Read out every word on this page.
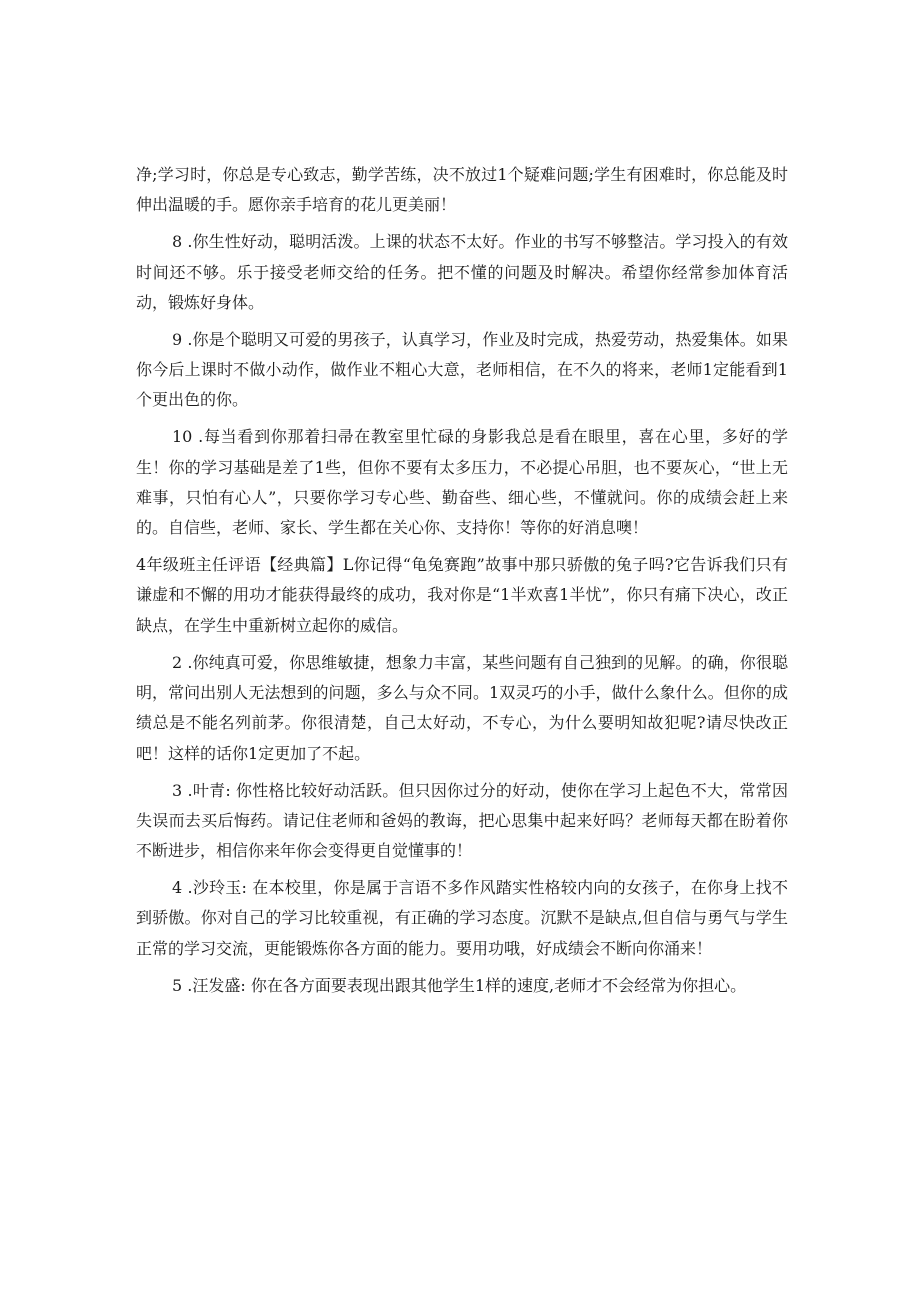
净;学习时，你总是专心致志，勤学苦练，决不放过1个疑难问题;学生有困难时，你总能及时伸出温暖的手。愿你亲手培育的花儿更美丽！

8 .你生性好动，聪明活泼。上课的状态不太好。作业的书写不够整洁。学习投入的有效时间还不够。乐于接受老师交给的任务。把不懂的问题及时解决。希望你经常参加体育活动，锻炼好身体。

9 .你是个聪明又可爱的男孩子，认真学习，作业及时完成，热爱劳动，热爱集体。如果你今后上课时不做小动作，做作业不粗心大意，老师相信，在不久的将来，老师1定能看到1个更出色的你。

10 .每当看到你那着扫帚在教室里忙碌的身影我总是看在眼里，喜在心里，多好的学生！你的学习基础是差了1些，但你不要有太多压力，不必提心吊胆，也不要灰心，“世上无难事，只怕有心人”，只要你学习专心些、勤奋些、细心些，不懂就问。你的成绩会赶上来的。自信些，老师、家长、学生都在关心你、支持你！等你的好消息噢！

4年级班主任评语【经典篇】L你记得“龟兔赛跑”故事中那只骄傲的兔子吗?它告诉我们只有谦虚和不懈的用功才能获得最终的成功，我对你是“1半欢喜1半忧”，你只有痛下决心，改正缺点，在学生中重新树立起你的威信。

2 .你纯真可爱，你思维敏捷，想象力丰富，某些问题有自己独到的见解。的确，你很聪明，常问出别人无法想到的问题，多么与众不同。1双灵巧的小手，做什么象什么。但你的成绩总是不能名列前茅。你很清楚，自己太好动，不专心，为什么要明知故犯呢?请尽快改正吧！这样的话你1定更加了不起。

3 .叶青: 你性格比较好动活跃。但只因你过分的好动，使你在学习上起色不大，常常因失误而去买后悔药。请记住老师和爸妈的教诲，把心思集中起来好吗？老师每天都在盼着你不断进步，相信你来年你会变得更自觉懂事的！

4 .沙玲玉: 在本校里，你是属于言语不多作风踏实性格较内向的女孩子，在你身上找不到骄傲。你对自己的学习比较重视，有正确的学习态度。沉默不是缺点,但自信与勇气与学生正常的学习交流，更能锻炼你各方面的能力。要用功哦，好成绩会不断向你涌来！

5 .汪发盛: 你在各方面要表现出跟其他学生1样的速度,老师才不会经常为你担心。
